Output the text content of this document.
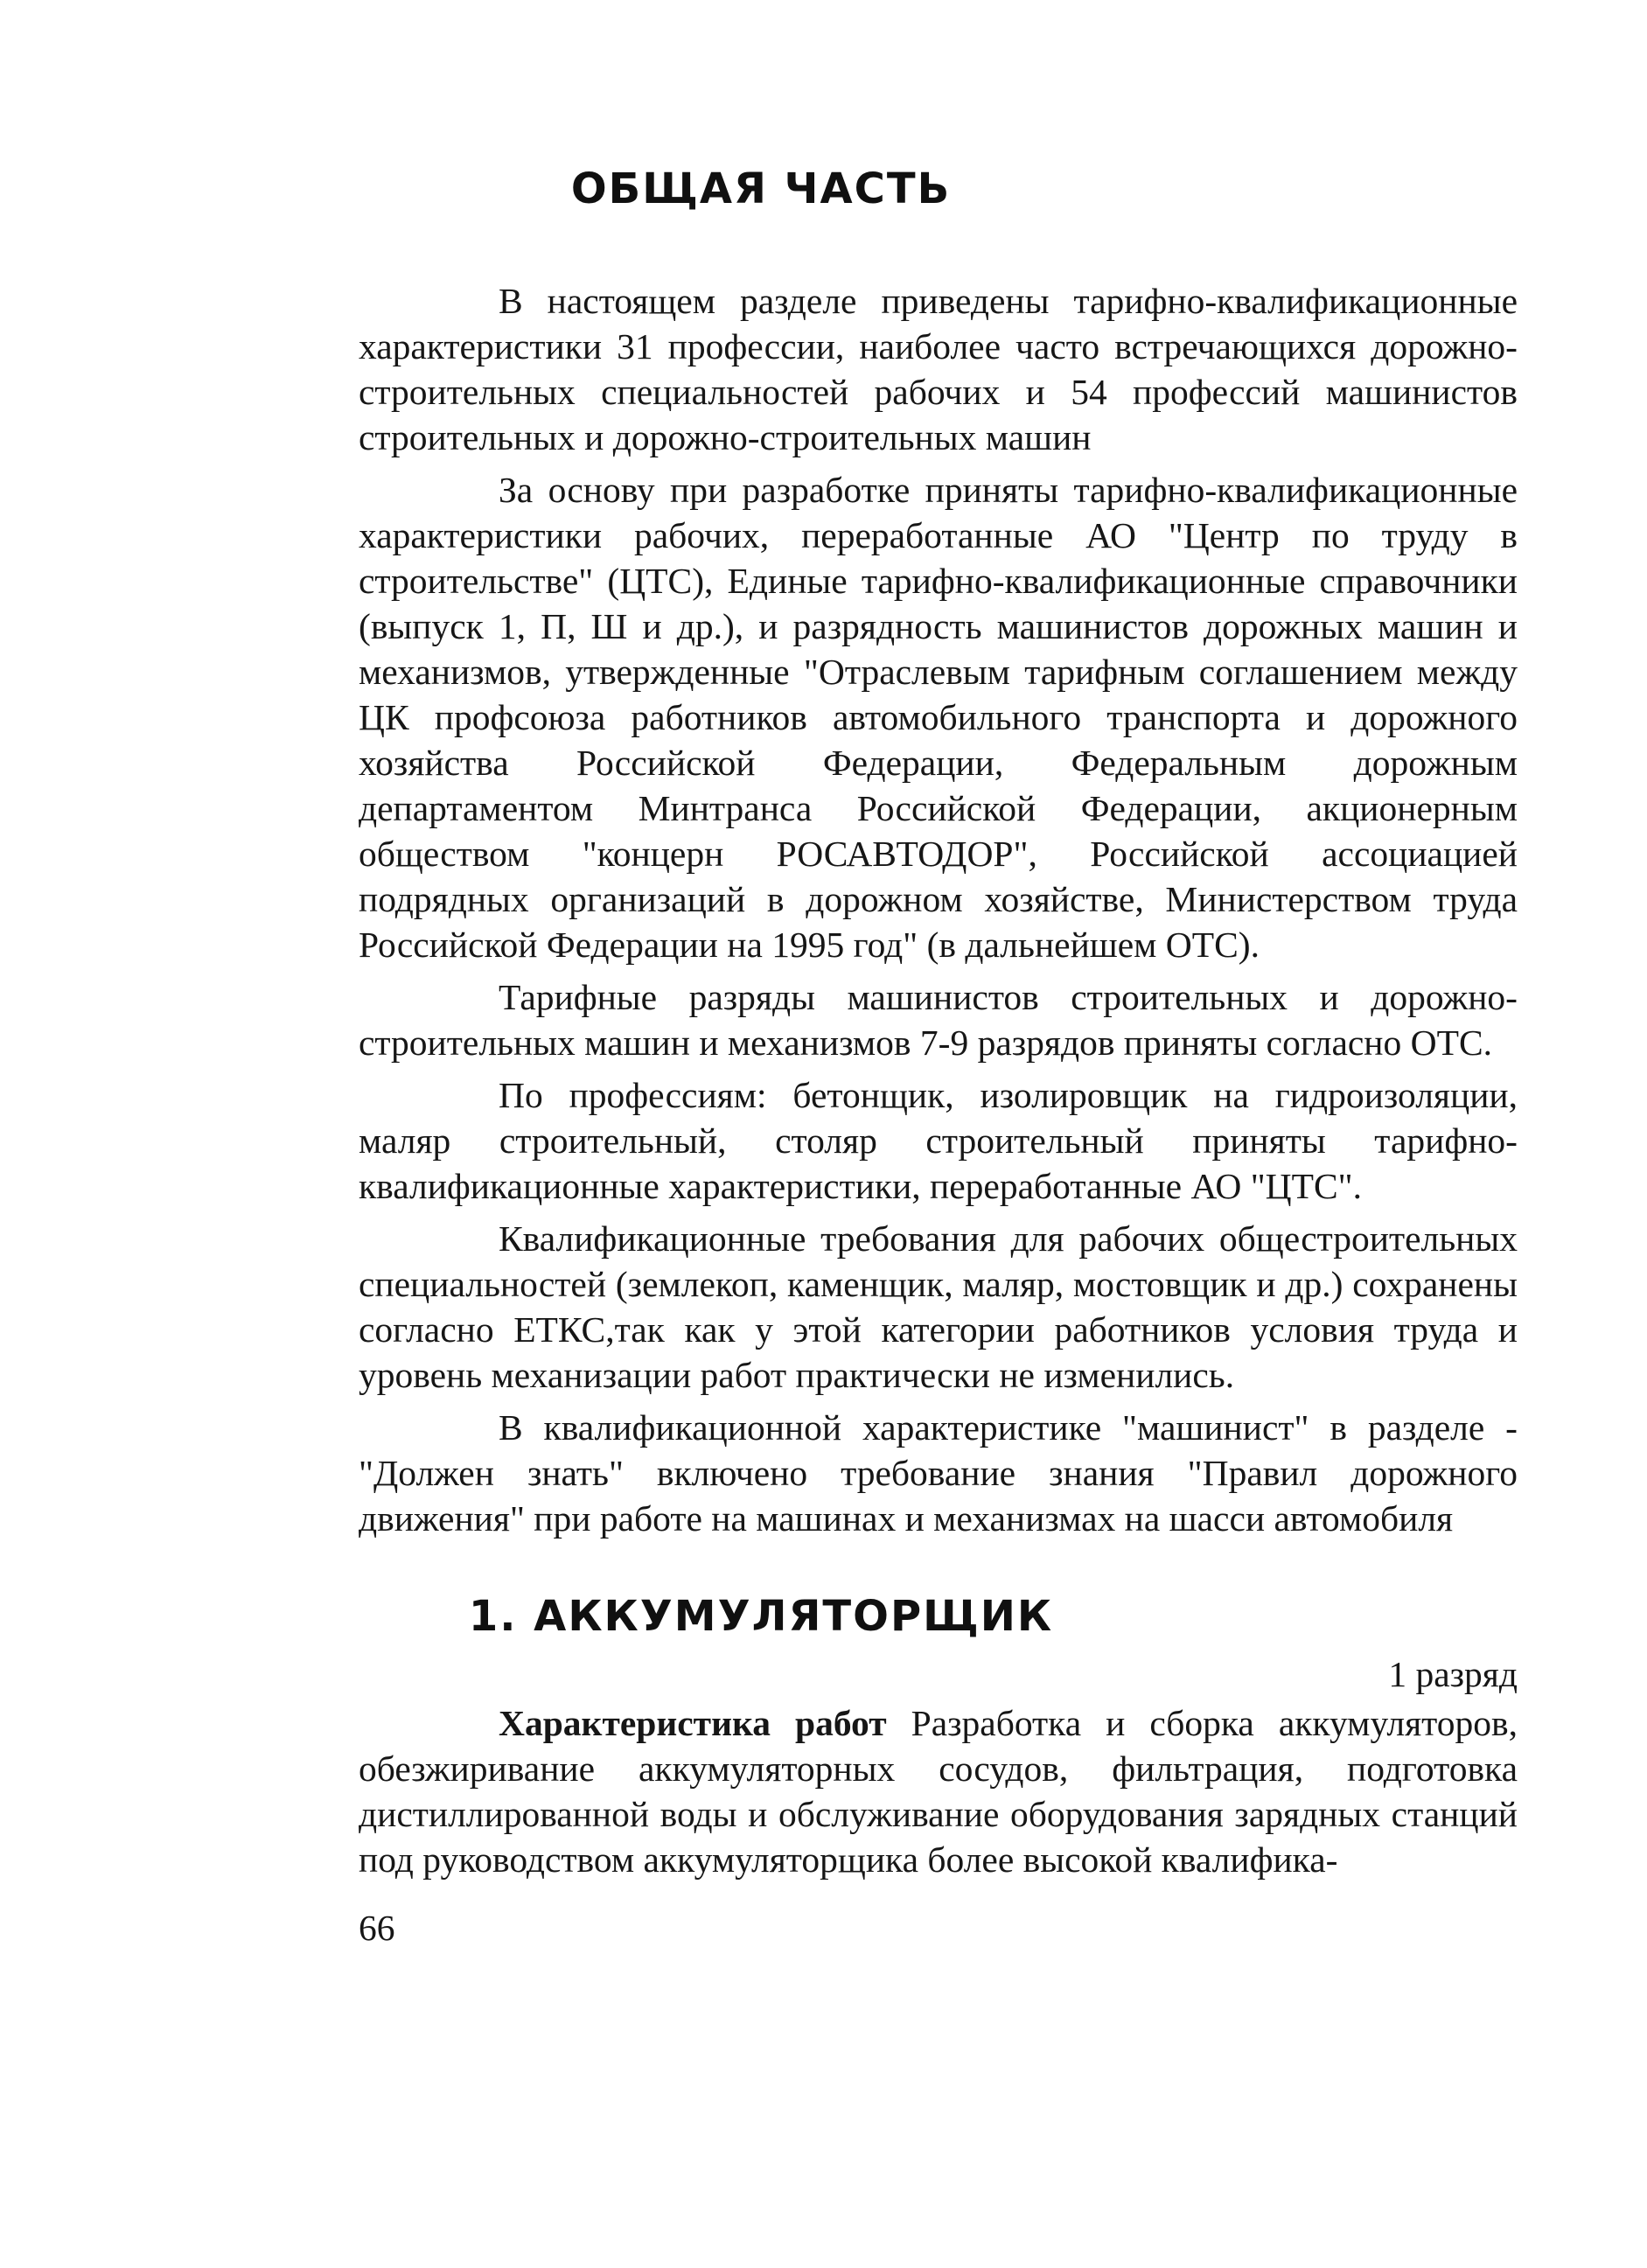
ОБЩАЯ ЧАСТЬ

В настоящем разделе приведены тарифно-квалификационные характеристики 31 профессии, наиболее часто встречающихся дорожно-строительных специальностей рабочих и 54 профессий машинистов строительных и дорожно-строительных машин

За основу при разработке приняты тарифно-квалификационные характеристики рабочих, переработанные АО "Центр по труду в строительстве" (ЦТС), Единые тарифно-квалификационные справочники (выпуск 1, П, Ш и др.), и разрядность машинистов дорожных машин и механизмов, утвержденные "Отраслевым тарифным соглашением между ЦК профсоюза работников автомобильного транспорта и дорожного хозяйства Российской Федерации, Федеральным дорожным департаментом Минтранса Российской Федерации, акционерным обществом "концерн РОСАВТОДОР", Российской ассоциацией подрядных организаций в дорожном хозяйстве, Министерством труда Российской Федерации на 1995 год" (в дальнейшем ОТС).

Тарифные разряды машинистов строительных и дорожно-строительных машин и механизмов 7-9 разрядов приняты согласно ОТС.

По профессиям: бетонщик, изолировщик на гидроизоляции, маляр строительный, столяр строительный приняты тарифно-квалификационные характеристики, переработанные АО "ЦТС".

Квалификационные требования для рабочих общестроительных специальностей (землекоп, каменщик, маляр, мостовщик и др.) сохранены согласно ЕТКС,так как у этой категории работников условия труда и уровень механизации работ практически не изменились.

В квалификационной характеристике "машинист" в разделе - "Должен знать" включено требование знания "Правил дорожного движения" при работе на машинах и механизмах на шасси автомобиля

1. АККУМУЛЯТОРЩИК
1 разряд

Характеристика работ Разработка и сборка аккумуляторов, обезжиривание аккумуляторных сосудов, фильтрация, подготовка дистиллированной воды и обслуживание оборудования зарядных станций под руководством аккумуляторщика более высокой квалифика-

66
